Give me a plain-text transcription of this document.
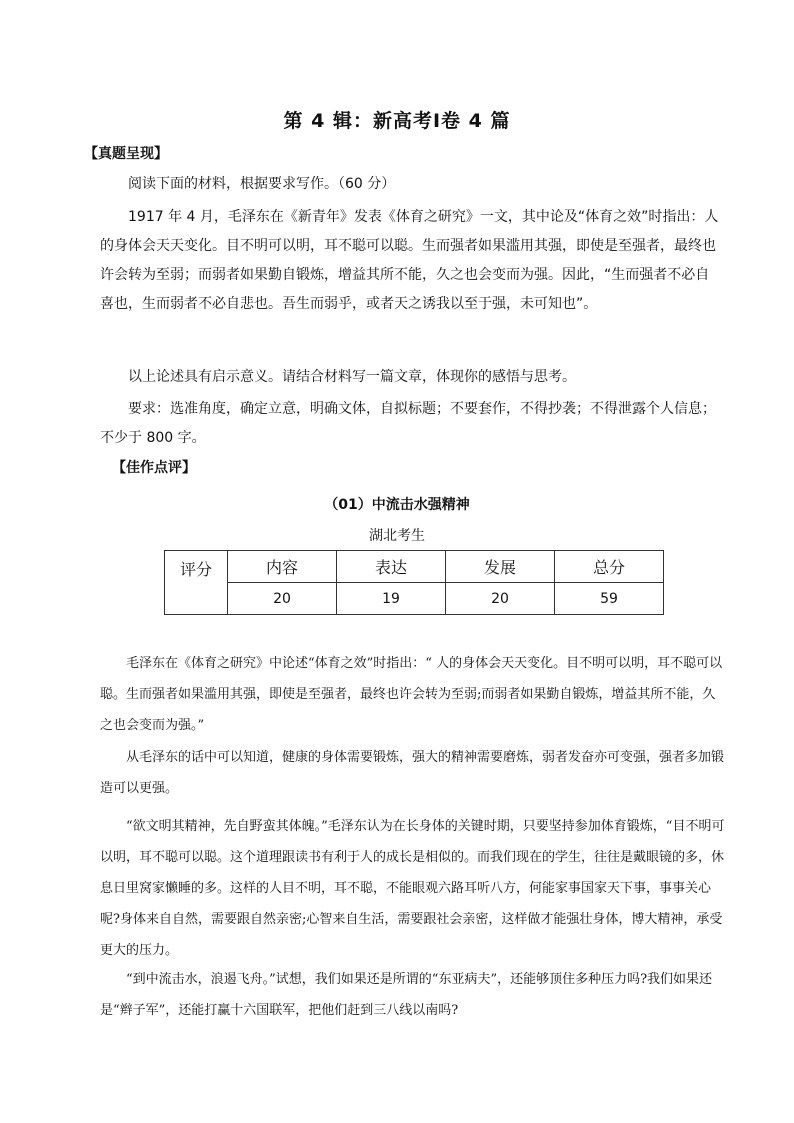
第 4 辑：新高考Ⅰ卷 4 篇
【真题呈现】

阅读下面的材料，根据要求写作。（60 分）

1917 年 4 月，毛泽东在《新青年》发表《体育之研究》一文，其中论及“体育之效”时指出：人的身体会天天变化。目不明可以明，耳不聪可以聪。生而强者如果滥用其强，即使是至强者，最终也许会转为至弱；而弱者如果勤自锻炼，增益其所不能，久之也会变而为强。因此，“生而强者不必自喜也，生而弱者不必自悲也。吾生而弱乎，或者天之诱我以至于强，未可知也”。

以上论述具有启示意义。请结合材料写一篇文章，体现你的感悟与思考。

要求：选准角度，确定立意，明确文体，自拟标题；不要套作，不得抄袭；不得泄露个人信息；不少于 800 字。

【佳作点评】
（01）中流击水强精神
湖北考生
评分	内容	表达	发展	总分
	20	19	20	59

毛泽东在《体育之研究》中论述“体育之效”时指出：“ 人的身体会天天变化。目不明可以明，耳不聪可以聪。生而强者如果滥用其强，即使是至强者，最终也许会转为至弱;而弱者如果勤自锻炼，增益其所不能，久之也会变而为强。”

从毛泽东的话中可以知道，健康的身体需要锻炼，强大的精神需要磨炼，弱者发奋亦可变强，强者多加锻造可以更强。

“欲文明其精神，先自野蛮其体魄。”毛泽东认为在长身体的关键时期，只要坚持参加体育锻炼，“目不明可以明，耳不聪可以聪。这个道理跟读书有利于人的成长是相似的。而我们现在的学生，往往是戴眼镜的多，休息日里窝家懒睡的多。这样的人目不明，耳不聪，不能眼观六路耳听八方，何能家事国家天下事，事事关心呢?身体来自自然，需要跟自然亲密;心智来自生活，需要跟社会亲密，这样做才能强壮身体，博大精神，承受更大的压力。

“到中流击水，浪遏飞舟。”试想，我们如果还是所谓的“东亚病夫”，还能够顶住多种压力吗?我们如果还是“辫子军”，还能打赢十六国联军，把他们赶到三八线以南吗?
